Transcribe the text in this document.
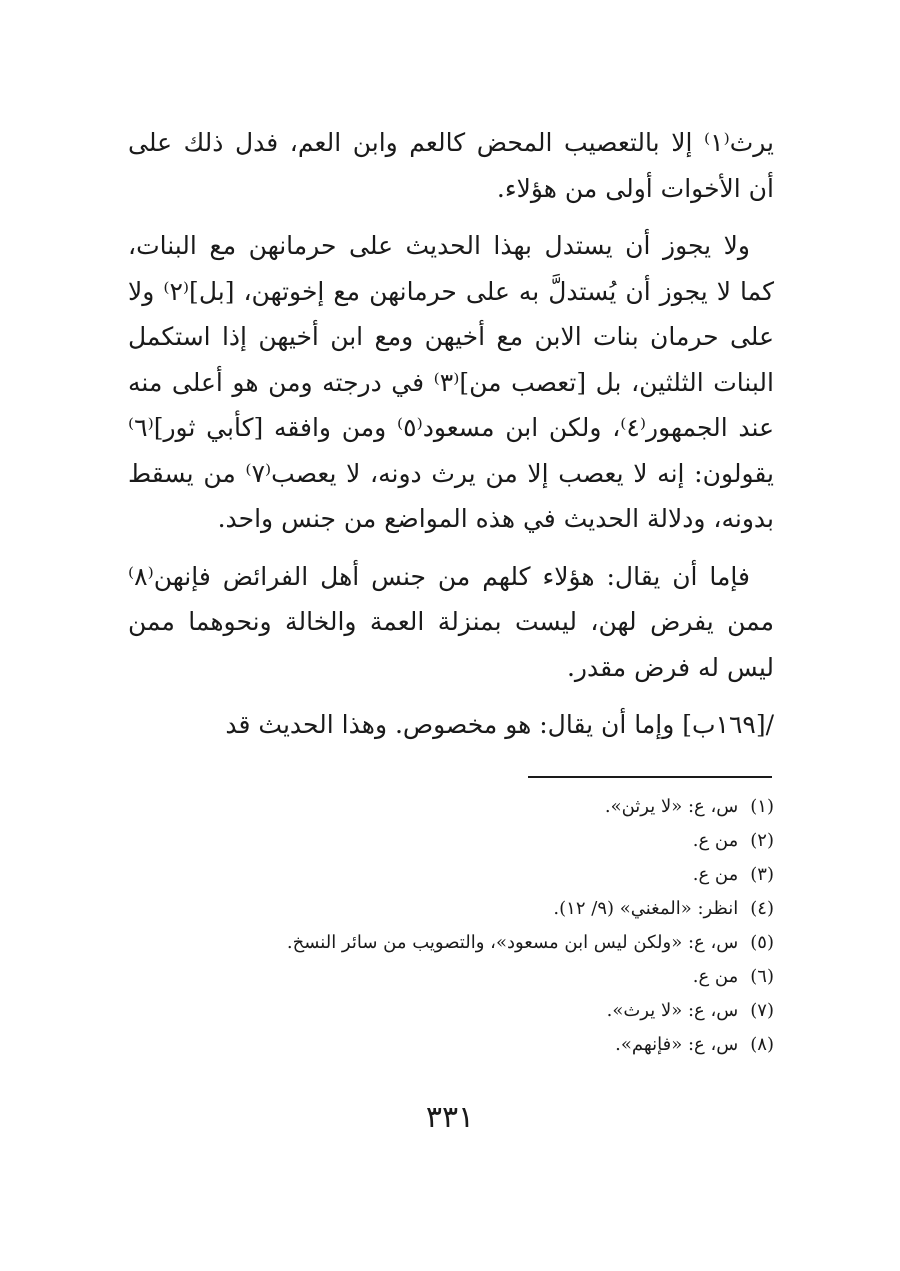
يرث⁽١⁾ إلا بالتعصيب المحض كالعم وابن العم، فدل ذلك على أن الأخوات أولى من هؤلاء.

ولا يجوز أن يستدل بهذا الحديث على حرمانهن مع البنات، كما لا يجوز أن يُستدلَّ به على حرمانهن مع إخوتهن، [بل]⁽٢⁾ ولا على حرمان بنات الابن مع أخيهن ومع ابن أخيهن إذا استكمل البنات الثلثين، بل [تعصب من]⁽٣⁾ في درجته ومن هو أعلى منه عند الجمهور⁽٤⁾، ولكن ابن مسعود⁽٥⁾ ومن وافقه [كأبي ثور]⁽٦⁾ يقولون: إنه لا يعصب إلا من يرث دونه، لا يعصب⁽٧⁾ من يسقط بدونه، ودلالة الحديث في هذه المواضع من جنس واحد.

فإما أن يقال: هؤلاء كلهم من جنس أهل الفرائض فإنهن⁽٨⁾ ممن يفرض لهن، ليست بمنزلة العمة والخالة ونحوهما ممن ليس له فرض مقدر.

/[١٦٩ب] وإما أن يقال: هو مخصوص. وهذا الحديث قد

(١)س، ع: «لا يرثن».
(٢)من ع.
(٣)من ع.
(٤)انظر: «المغني» (٩/ ١٢).
(٥)س، ع: «ولكن ليس ابن مسعود»، والتصويب من سائر النسخ.
(٦)من ع.
(٧)س، ع: «لا يرث».
(٨)س، ع: «فإنهم».
٣٣١
